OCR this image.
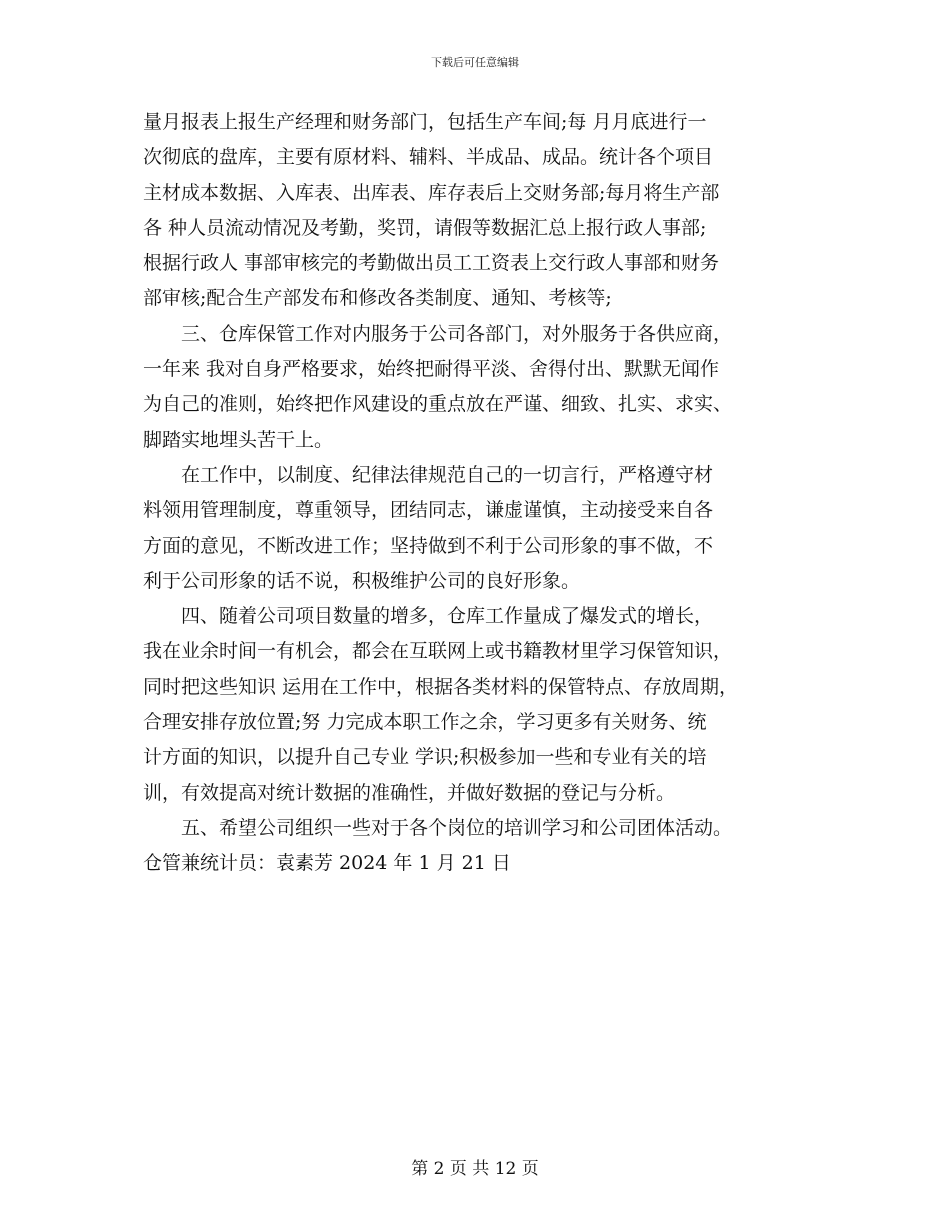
下载后可任意编辑
量月报表上报生产经理和财务部门，包括生产车间;每 月月底进行一
次彻底的盘库，主要有原材料、辅料、半成品、成品。统计各个项目
主材成本数据、入库表、出库表、库存表后上交财务部;每月将生产部
各 种人员流动情况及考勤，奖罚，请假等数据汇总上报行政人事部;
根据行政人 事部审核完的考勤做出员工工资表上交行政人事部和财务
部审核;配合生产部发布和修改各类制度、通知、考核等;
三、仓库保管工作对内服务于公司各部门，对外服务于各供应商，
一年来 我对自身严格要求，始终把耐得平淡、舍得付出、默默无闻作
为自己的准则，始终把作风建设的重点放在严谨、细致、扎实、求实、
脚踏实地埋头苦干上。
在工作中，以制度、纪律法律规范自己的一切言行，严格遵守材
料领用管理制度，尊重领导，团结同志，谦虚谨慎，主动接受来自各
方面的意见，不断改进工作；坚持做到不利于公司形象的事不做，不
利于公司形象的话不说，积极维护公司的良好形象。
四、随着公司项目数量的增多，仓库工作量成了爆发式的增长，
我在业余时间一有机会，都会在互联网上或书籍教材里学习保管知识，
同时把这些知识 运用在工作中，根据各类材料的保管特点、存放周期，
合理安排存放位置;努 力完成本职工作之余，学习更多有关财务、统
计方面的知识，以提升自己专业 学识;积极参加一些和专业有关的培
训，有效提高对统计数据的准确性，并做好数据的登记与分析。
五、希望公司组织一些对于各个岗位的培训学习和公司团体活动。
仓管兼统计员：袁素芳 2024 年 1 月 21 日
第 2 页 共 12 页
